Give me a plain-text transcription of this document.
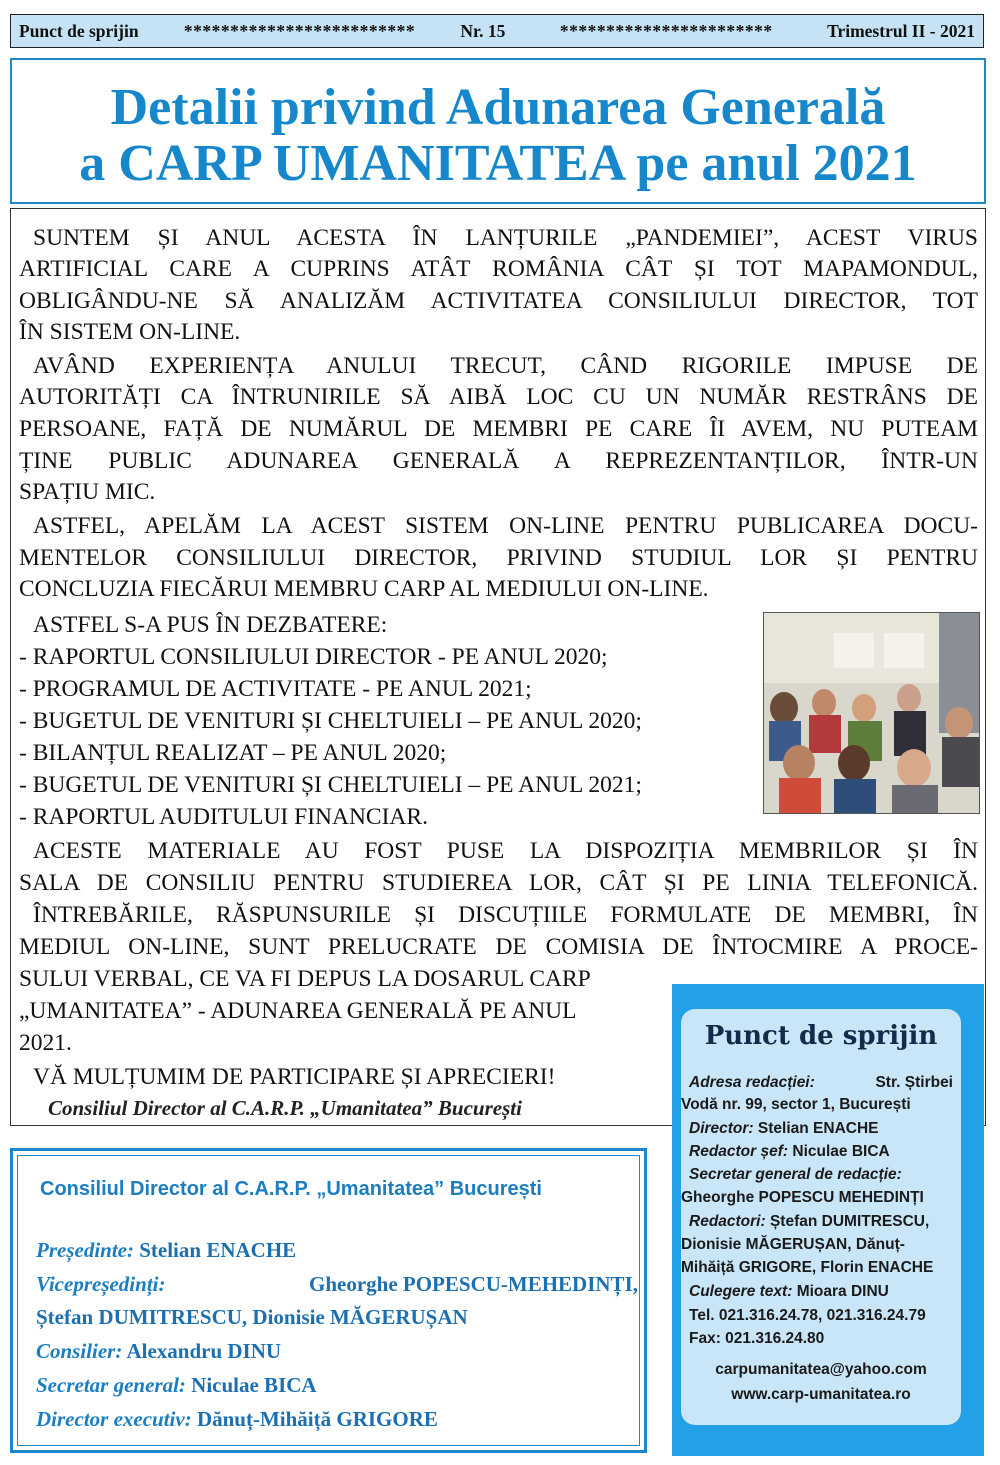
Punct de sprijin	*************************	Nr. 15	***********************	Trimestrul II - 2021
Detalii privind Adunarea Generală
a CARP UMANITATEA pe anul 2021
SUNTEM ȘI ANUL ACESTA ÎN LANȚURILE „PANDEMIEI”, ACEST VIRUS
ARTIFICIAL CARE A CUPRINS ATÂT ROMÂNIA CÂT ȘI TOT MAPAMONDUL,
OBLIGÂNDU-NE SĂ ANALIZĂM ACTIVITATEA CONSILIULUI DIRECTOR, TOT
ÎN SISTEM ON-LINE.
AVÂND EXPERIENȚA ANULUI TRECUT, CÂND RIGORILE IMPUSE DE
AUTORITĂȚI CA ÎNTRUNIRILE SĂ AIBĂ LOC CU UN NUMĂR RESTRÂNS DE
PERSOANE, FAȚĂ DE NUMĂRUL DE MEMBRI PE CARE ÎI AVEM, NU PUTEAM
ȚINE PUBLIC ADUNAREA GENERALĂ A REPREZENTANȚILOR, ÎNTR-UN
SPAȚIU MIC.
ASTFEL, APELĂM LA ACEST SISTEM ON-LINE PENTRU PUBLICAREA DOCU-
MENTELOR CONSILIULUI DIRECTOR, PRIVIND STUDIUL LOR ȘI PENTRU
CONCLUZIA FIECĂRUI MEMBRU CARP AL MEDIULUI ON-LINE.
ASTFEL S-A PUS ÎN DEZBATERE:
- RAPORTUL CONSILIULUI DIRECTOR - PE ANUL 2020;
- PROGRAMUL DE ACTIVITATE - PE ANUL 2021;
- BUGETUL DE VENITURI ȘI CHELTUIELI – PE ANUL 2020;
- BILANȚUL REALIZAT – PE ANUL 2020;
- BUGETUL DE VENITURI ȘI CHELTUIELI – PE ANUL 2021;
- RAPORTUL AUDITULUI FINANCIAR.
ACESTE MATERIALE AU FOST PUSE LA DISPOZIȚIA MEMBRILOR ȘI ÎN
SALA DE CONSILIU PENTRU STUDIEREA LOR, CÂT ȘI PE LINIA TELEFONICĂ.
ÎNTREBĂRILE, RĂSPUNSURILE ȘI DISCUȚIILE FORMULATE DE MEMBRI, ÎN
MEDIUL ON-LINE, SUNT PRELUCRATE DE COMISIA DE ÎNTOCMIRE A PROCE-
SULUI VERBAL, CE VA FI DEPUS LA DOSARUL CARP
„UMANITATEA” - ADUNAREA GENERALĂ PE ANUL
2021.
VĂ MULȚUMIM DE PARTICIPARE ȘI APRECIERI!
Consiliul Director al C.A.R.P. „Umanitatea” București
Consiliul Director al C.A.R.P. „Umanitatea” București
Președinte: Stelian ENACHE
Vicepreședinți:	Gheorghe POPESCU-MEHEDINȚI,
Ștefan DUMITRESCU, Dionisie MĂGERUȘAN
Consilier: Alexandru DINU
Secretar general: Niculae BICA
Director executiv: Dănuț-Mihăiță GRIGORE
Punct de sprijin
Adresa redacției:	Str. Știrbei
Vodă nr. 99, sector 1, București
Director: Stelian ENACHE
Redactor șef: Niculae BICA
Secretar general de redacție:
Gheorghe POPESCU MEHEDINȚI
Redactori: Ștefan DUMITRESCU,
Dionisie MĂGERUȘAN, Dănuț-
Mihăiță GRIGORE, Florin ENACHE
Culegere text: Mioara DINU
Tel. 021.316.24.78, 021.316.24.79
Fax: 021.316.24.80
carpumanitatea@yahoo.com
www.carp-umanitatea.ro
